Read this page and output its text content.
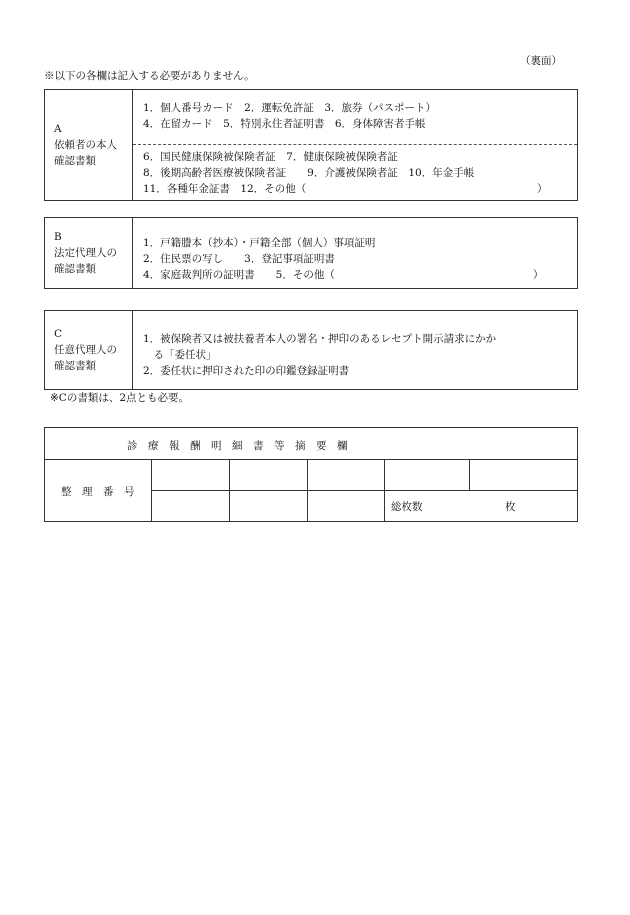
（裏面）
※以下の各欄は記入する必要がありません。
A
依頼者の本人
確認書類
1．個人番号カード　2．運転免許証　3．旅券（パスポート）
4．在留カード　5．特別永住者証明書　6．身体障害者手帳
6．国民健康保険被保険者証　7．健康保険被保険者証
8．後期高齢者医療被保険者証　　9．介護被保険者証　10．年金手帳
11．各種年金証書　12．その他（	）
B
法定代理人の
確認書類
1．戸籍謄本（抄本）・戸籍全部（個人）事項証明
2．住民票の写し　　3．登記事項証明書
4．家庭裁判所の証明書　　5．その他（	）
C
任意代理人の
確認書類
1．被保険者又は被扶養者本人の署名・押印のあるレセプト開示請求にかか
　る「委任状」
2．委任状に押印された印の印鑑登録証明書
※Cの書類は、2点とも必要。
診　療　報　酬　明　細　書　等　摘　要　欄
整　理　番　号
総枚数	枚
